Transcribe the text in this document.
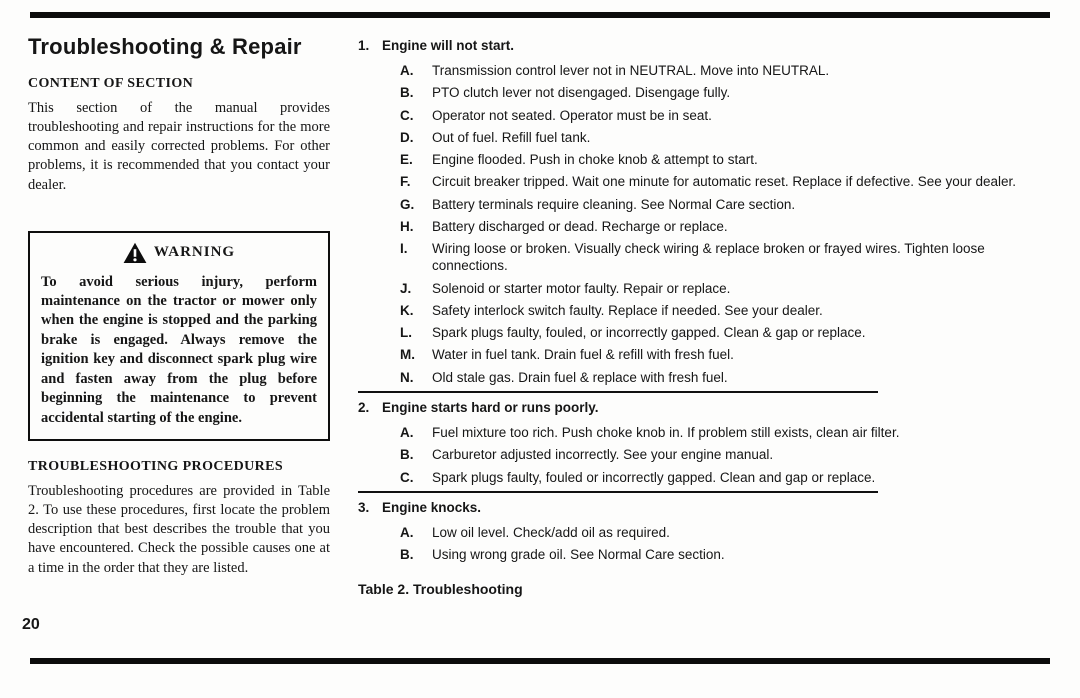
Troubleshooting & Repair
CONTENT OF SECTION

This section of the manual provides troubleshooting and repair instructions for the more common and easily corrected problems. For other problems, it is recommended that you contact your dealer.

WARNING

To avoid serious injury, perform maintenance on the tractor or mower only when the engine is stopped and the parking brake is engaged. Always remove the ignition key and disconnect spark plug wire and fasten away from the plug before beginning the maintenance to prevent accidental starting of the engine.

TROUBLESHOOTING PROCEDURES

Troubleshooting procedures are provided in Table 2. To use these procedures, first locate the problem description that best describes the trouble that you have encountered. Check the possible causes one at a time in the order that they are listed.

20
1. Engine will not start.
A.	Transmission control lever not in NEUTRAL. Move into NEUTRAL.
B.	PTO clutch lever not disengaged. Disengage fully.
C.	Operator not seated. Operator must be in seat.
D.	Out of fuel. Refill fuel tank.
E.	Engine flooded. Push in choke knob & attempt to start.
F.	Circuit breaker tripped. Wait one minute for automatic reset. Replace if defective. See your dealer.
G.	Battery terminals require cleaning. See Normal Care section.
H.	Battery discharged or dead. Recharge or replace.
I.	Wiring loose or broken. Visually check wiring & replace broken or frayed wires. Tighten loose connections.
J.	Solenoid or starter motor faulty. Repair or replace.
K.	Safety interlock switch faulty. Replace if needed. See your dealer.
L.	Spark plugs faulty, fouled, or incorrectly gapped. Clean & gap or replace.
M.	Water in fuel tank. Drain fuel & refill with fresh fuel.
N.	Old stale gas. Drain fuel & replace with fresh fuel.
2. Engine starts hard or runs poorly.
A.	Fuel mixture too rich. Push choke knob in. If problem still exists, clean air filter.
B.	Carburetor adjusted incorrectly. See your engine manual.
C.	Spark plugs faulty, fouled or incorrectly gapped. Clean and gap or replace.
3. Engine knocks.
A.	Low oil level. Check/add oil as required.
B.	Using wrong grade oil. See Normal Care section.
Table 2. Troubleshooting
